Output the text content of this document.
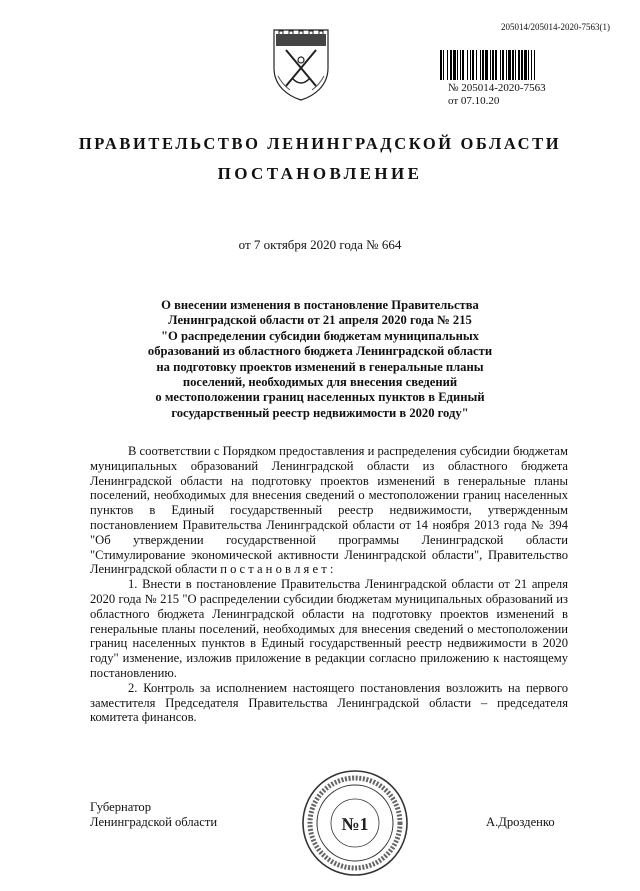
205014/205014-2020-7563(1)
№ 205014-2020-7563
от 07.10.20
ПРАВИТЕЛЬСТВО ЛЕНИНГРАДСКОЙ ОБЛАСТИ
ПОСТАНОВЛЕНИЕ
от 7 октября 2020 года № 664
О внесении изменения в постановление Правительства
Ленинградской области от 21 апреля 2020 года № 215
"О распределении субсидии бюджетам муниципальных
образований из областного бюджета Ленинградской области
на подготовку проектов изменений в генеральные планы
поселений, необходимых для внесения сведений
о местоположении границ населенных пунктов в Единый
государственный реестр недвижимости в 2020 году"

В соответствии с Порядком предоставления и распределения субсидии бюджетам муниципальных образований Ленинградской области из областного бюджета Ленинградской области на подготовку проектов изменений в генеральные планы поселений, необходимых для внесения сведений о местоположении границ населенных пунктов в Единый государственный реестр недвижимости, утвержденным постановлением Правительства Ленинградской области от 14 ноября 2013 года № 394 "Об утверждении государственной программы Ленинградской области "Стимулирование экономической активности Ленинградской области", Правительство Ленинградской области п о с т а н о в л я е т :

1. Внести в постановление Правительства Ленинградской области от 21 апреля 2020 года № 215 "О распределении субсидии бюджетам муниципальных образований из областного бюджета Ленинградской области на подготовку проектов изменений в генеральные планы поселений, необходимых для внесения сведений о местоположении границ населенных пунктов в Единый государственный реестр недвижимости в 2020 году" изменение, изложив приложение в редакции согласно приложению к настоящему постановлению.

2. Контроль за исполнением настоящего постановления возложить на первого заместителя Председателя Правительства Ленинградской области – председателя комитета финансов.

Губернатор
Ленинградской области	№1	А.Дрозденко
